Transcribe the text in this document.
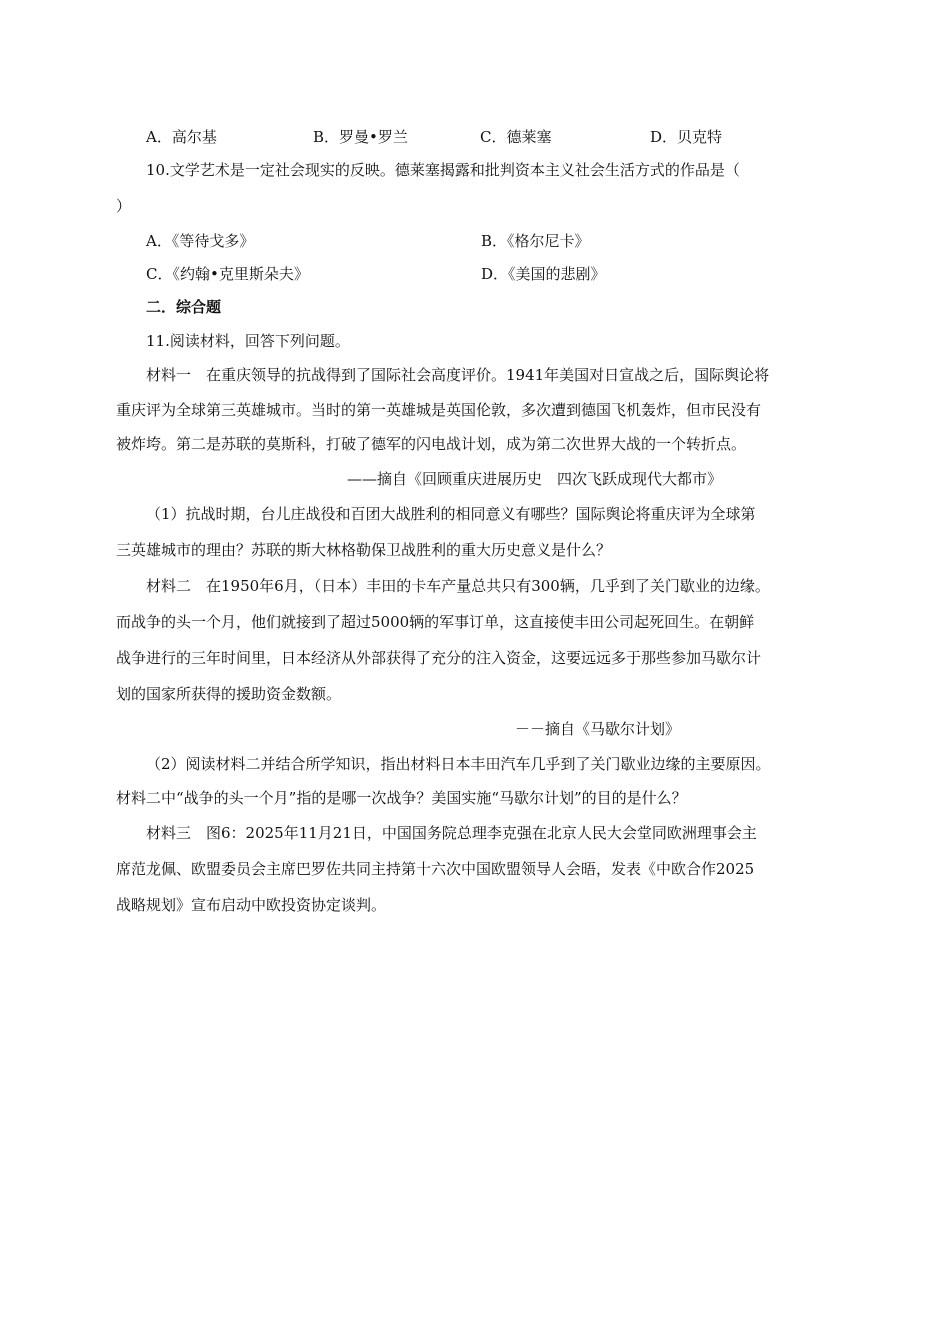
A．高尔基	B．罗曼•罗兰	C．德莱塞	D．贝克特
10.文学艺术是一定社会现实的反映。德莱塞揭露和批判资本主义社会生活方式的作品是（
）
A．《等待戈多》	B．《格尔尼卡》
C．《约翰•克里斯朵夫》	D．《美国的悲剧》
二．综合题
11.阅读材料，回答下列问题。
材料一　在重庆领导的抗战得到了国际社会高度评价。1941年美国对日宣战之后，国际舆论将
重庆评为全球第三英雄城市。当时的第一英雄城是英国伦敦，多次遭到德国飞机轰炸，但市民没有
被炸垮。第二是苏联的莫斯科，打破了德军的闪电战计划，成为第二次世界大战的一个转折点。
——摘自《回顾重庆进展历史　四次飞跃成现代大都市》
（1）抗战时期，台儿庄战役和百团大战胜利的相同意义有哪些？国际舆论将重庆评为全球第
三英雄城市的理由？苏联的斯大林格勒保卫战胜利的重大历史意义是什么？
材料二　在1950年6月，（日本）丰田的卡车产量总共只有300辆，几乎到了关门歇业的边缘。
而战争的头一个月，他们就接到了超过5000辆的军事订单，这直接使丰田公司起死回生。在朝鲜
战争进行的三年时间里，日本经济从外部获得了充分的注入资金，这要远远多于那些参加马歇尔计
划的国家所获得的援助资金数额。
－－摘自《马歇尔计划》
（2）阅读材料二并结合所学知识，指出材料日本丰田汽车几乎到了关门歇业边缘的主要原因。
材料二中“战争的头一个月”指的是哪一次战争？美国实施“马歇尔计划”的目的是什么？
材料三　图6：2025年11月21日，中国国务院总理李克强在北京人民大会堂同欧洲理事会主
席范龙佩、欧盟委员会主席巴罗佐共同主持第十六次中国欧盟领导人会晤，发表《中欧合作2025
战略规划》宣布启动中欧投资协定谈判。
